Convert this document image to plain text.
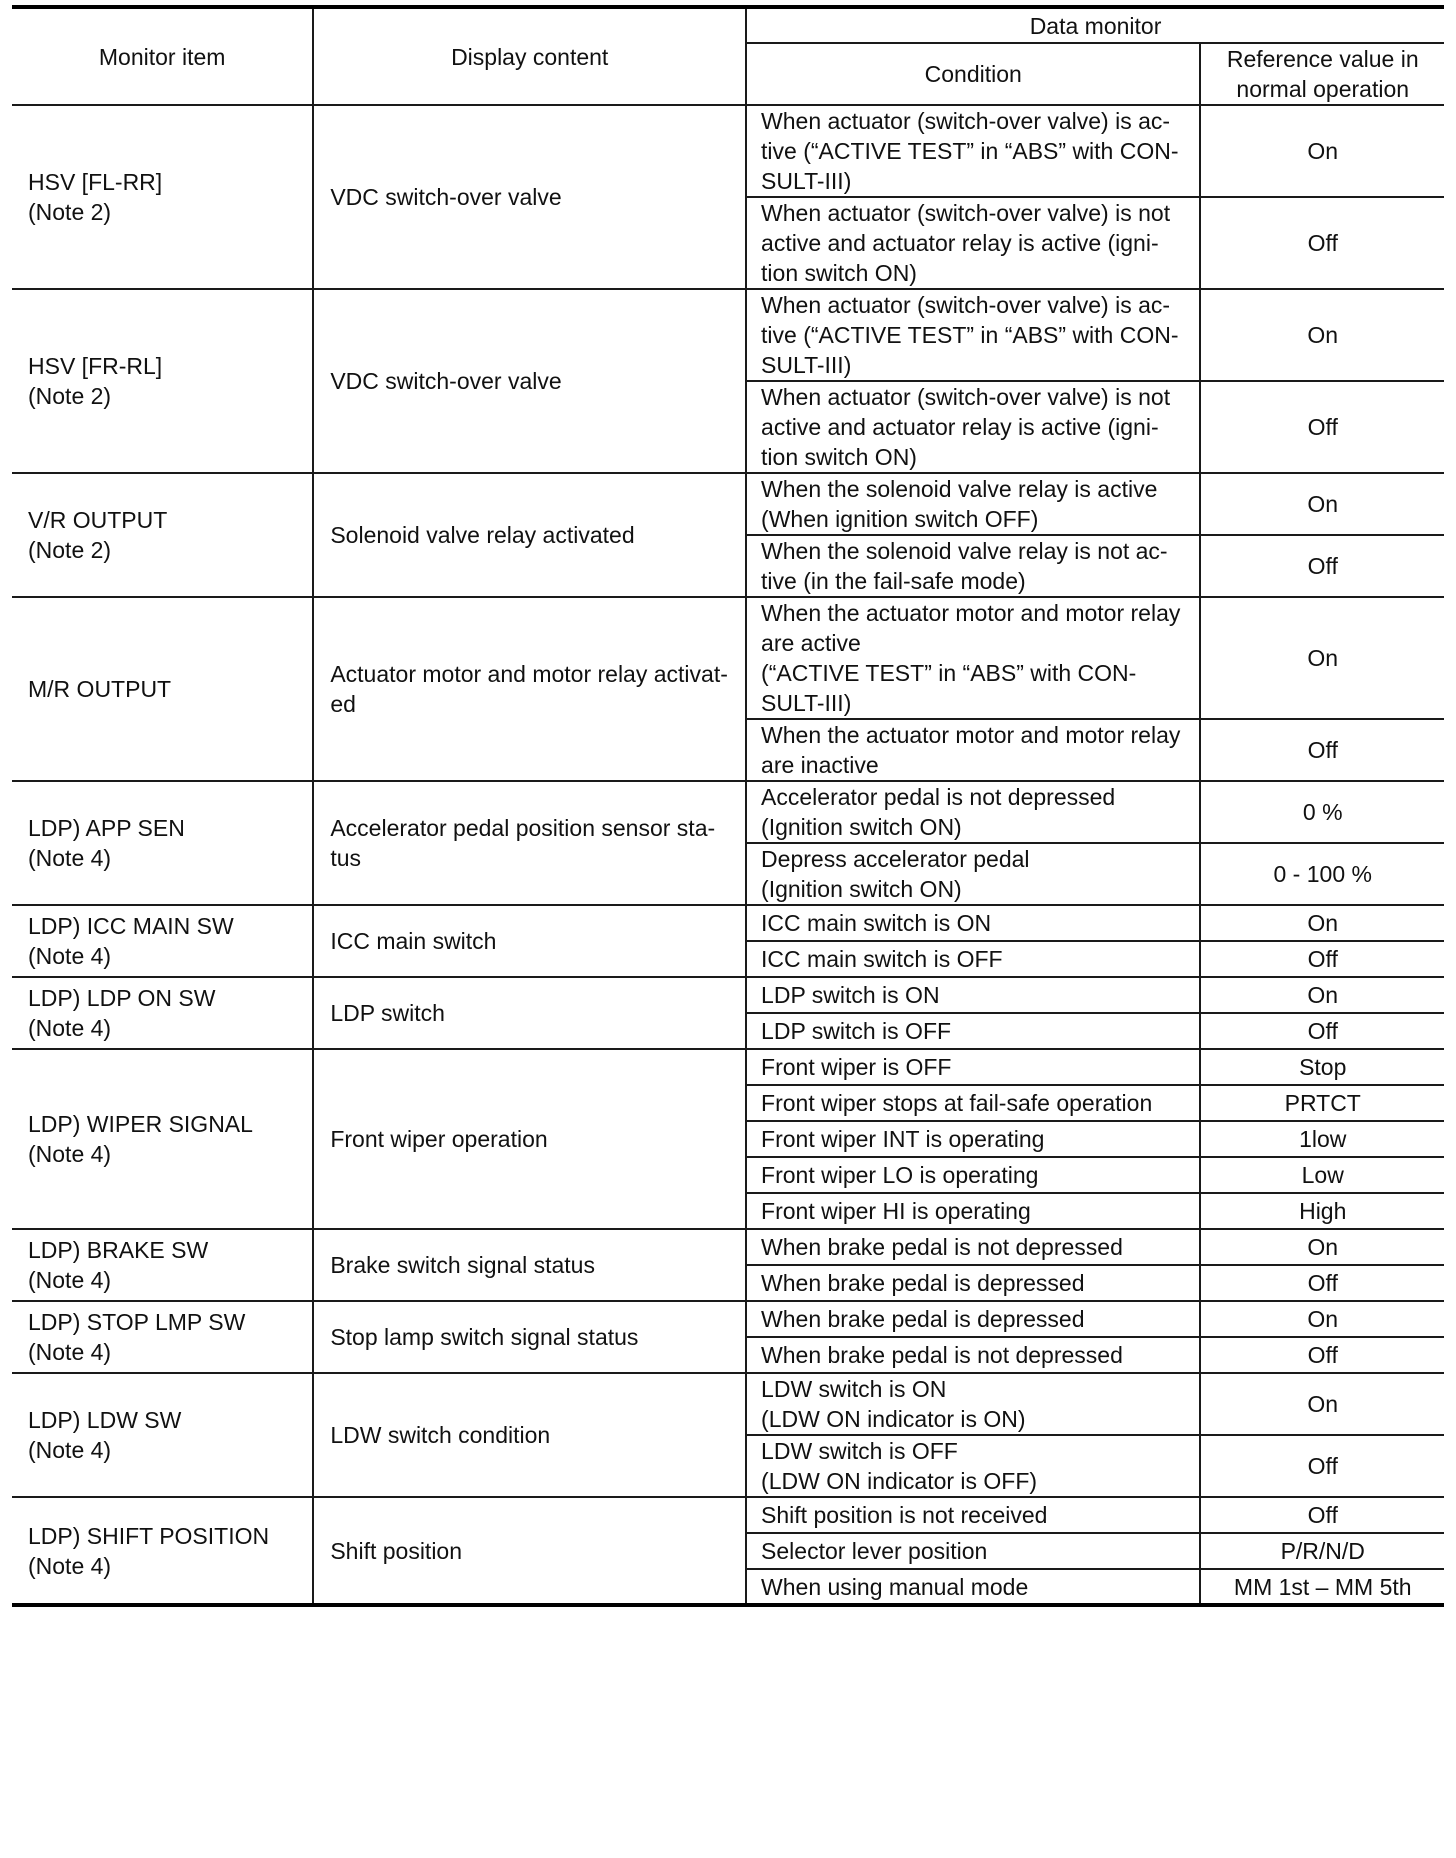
Monitor item	Display content	Data monitor	
		Condition	Reference value in
normal operation

HSV [FL-RR]
(Note 2)	VDC switch-over valve	When actuator (switch-over valve) is ac-
tive (“ACTIVE TEST” in “ABS” with CON-
SULT-III)	On

		When actuator (switch-over valve) is not
active and actuator relay is active (igni-
tion switch ON)	Off

HSV [FR-RL]
(Note 2)	VDC switch-over valve	When actuator (switch-over valve) is ac-
tive (“ACTIVE TEST” in “ABS” with CON-
SULT-III)	On

		When actuator (switch-over valve) is not
active and actuator relay is active (igni-
tion switch ON)	Off

V/R OUTPUT
(Note 2)	Solenoid valve relay activated	When the solenoid valve relay is active
(When ignition switch OFF)	On

		When the solenoid valve relay is not ac-
tive (in the fail-safe mode)	Off

M/R OUTPUT	Actuator motor and motor relay activat-
ed	When the actuator motor and motor relay
are active
(“ACTIVE TEST” in “ABS” with CON-
SULT-III)	On

		When the actuator motor and motor relay
are inactive	Off

LDP) APP SEN
(Note 4)	Accelerator pedal position sensor sta-
tus	Accelerator pedal is not depressed
(Ignition switch ON)	0 %

		Depress accelerator pedal
(Ignition switch ON)	0 - 100 %

LDP) ICC MAIN SW
(Note 4)	ICC main switch	ICC main switch is ON	On

		ICC main switch is OFF	Off

LDP) LDP ON SW
(Note 4)	LDP switch	LDP switch is ON	On

		LDP switch is OFF	Off

LDP) WIPER SIGNAL
(Note 4)	Front wiper operation	Front wiper is OFF	Stop

		Front wiper stops at fail-safe operation	PRTCT

		Front wiper INT is operating	1low

		Front wiper LO is operating	Low

		Front wiper HI is operating	High

LDP) BRAKE SW
(Note 4)	Brake switch signal status	When brake pedal is not depressed	On

		When brake pedal is depressed	Off

LDP) STOP LMP SW
(Note 4)	Stop lamp switch signal status	When brake pedal is depressed	On

		When brake pedal is not depressed	Off

LDP) LDW SW
(Note 4)	LDW switch condition	LDW switch is ON
(LDW ON indicator is ON)	On

		LDW switch is OFF
(LDW ON indicator is OFF)	Off

LDP) SHIFT POSITION
(Note 4)	Shift position	Shift position is not received	Off

		Selector lever position	P/R/N/D

		When using manual mode	MM 1st – MM 5th
